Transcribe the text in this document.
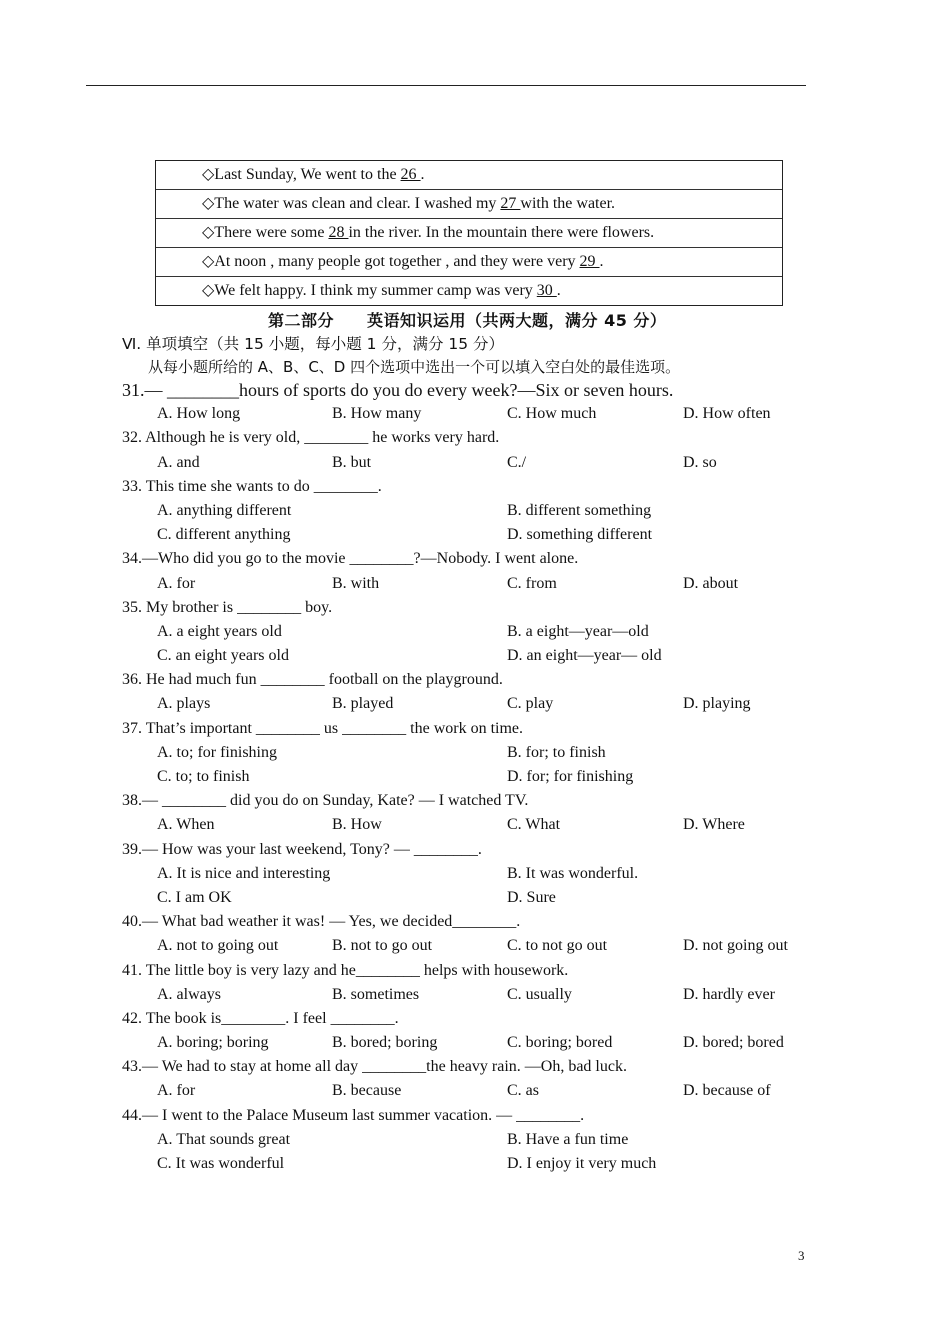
◇Last Sunday, We went to the 26 .
◇The water was clean and clear. I washed my 27 with the water.
◇There were some 28 in the river. In the mountain there were flowers.
◇At noon , many people got together , and they were very 29 .
◇We felt happy. I think my summer camp was very 30 .
第二部分　　英语知识运用（共两大题，满分 45 分）
Ⅵ. 单项填空（共 15 小题，每小题 1 分，满分 15 分）
从每小题所给的 A、B、C、D 四个选项中选出一个可以填入空白处的最佳选项。
31.— ________hours of sports do you do every week?—Six or seven hours.
A. How long	B. How many	C. How much	D. How often
32. Although he is very old, ________ he works very hard.
A. and	B. but	C./	D. so
33. This time she wants to do ________.
A. anything different	B. different something
C. different anything	D. something different
34.—Who did you go to the movie ________?—Nobody. I went alone.
A. for	B. with	C. from	D. about
35. My brother is ________ boy.
A. a eight years old	B. a eight—year—old
C. an eight years old	D. an eight—year— old
36. He had much fun ________ football on the playground.
A. plays	B. played	C. play	D. playing
37. That’s important ________ us ________ the work on time.
A. to; for finishing	B. for; to finish
C. to; to finish	D. for; for finishing
38.— ________ did you do on Sunday, Kate? — I watched TV.
A. When	B. How	C. What	D. Where
39.— How was your last weekend, Tony? — ________.
A. It is nice and interesting	B. It was wonderful.
C. I am OK	D. Sure
40.— What bad weather it was! — Yes, we decided________.
A. not to going out	B. not to go out	C. to not go out	D. not going out
41. The little boy is very lazy and he________ helps with housework.
A. always	B. sometimes	C. usually	D. hardly ever
42. The book is________. I feel ________.
A. boring; boring	B. bored; boring	C. boring; bored	D. bored; bored
43.— We had to stay at home all day ________the heavy rain. —Oh, bad luck.
A. for	B. because	C. as	D. because of
44.— I went to the Palace Museum last summer vacation. — ________.
A. That sounds great	B. Have a fun time
C. It was wonderful	D. I enjoy it very much
3
